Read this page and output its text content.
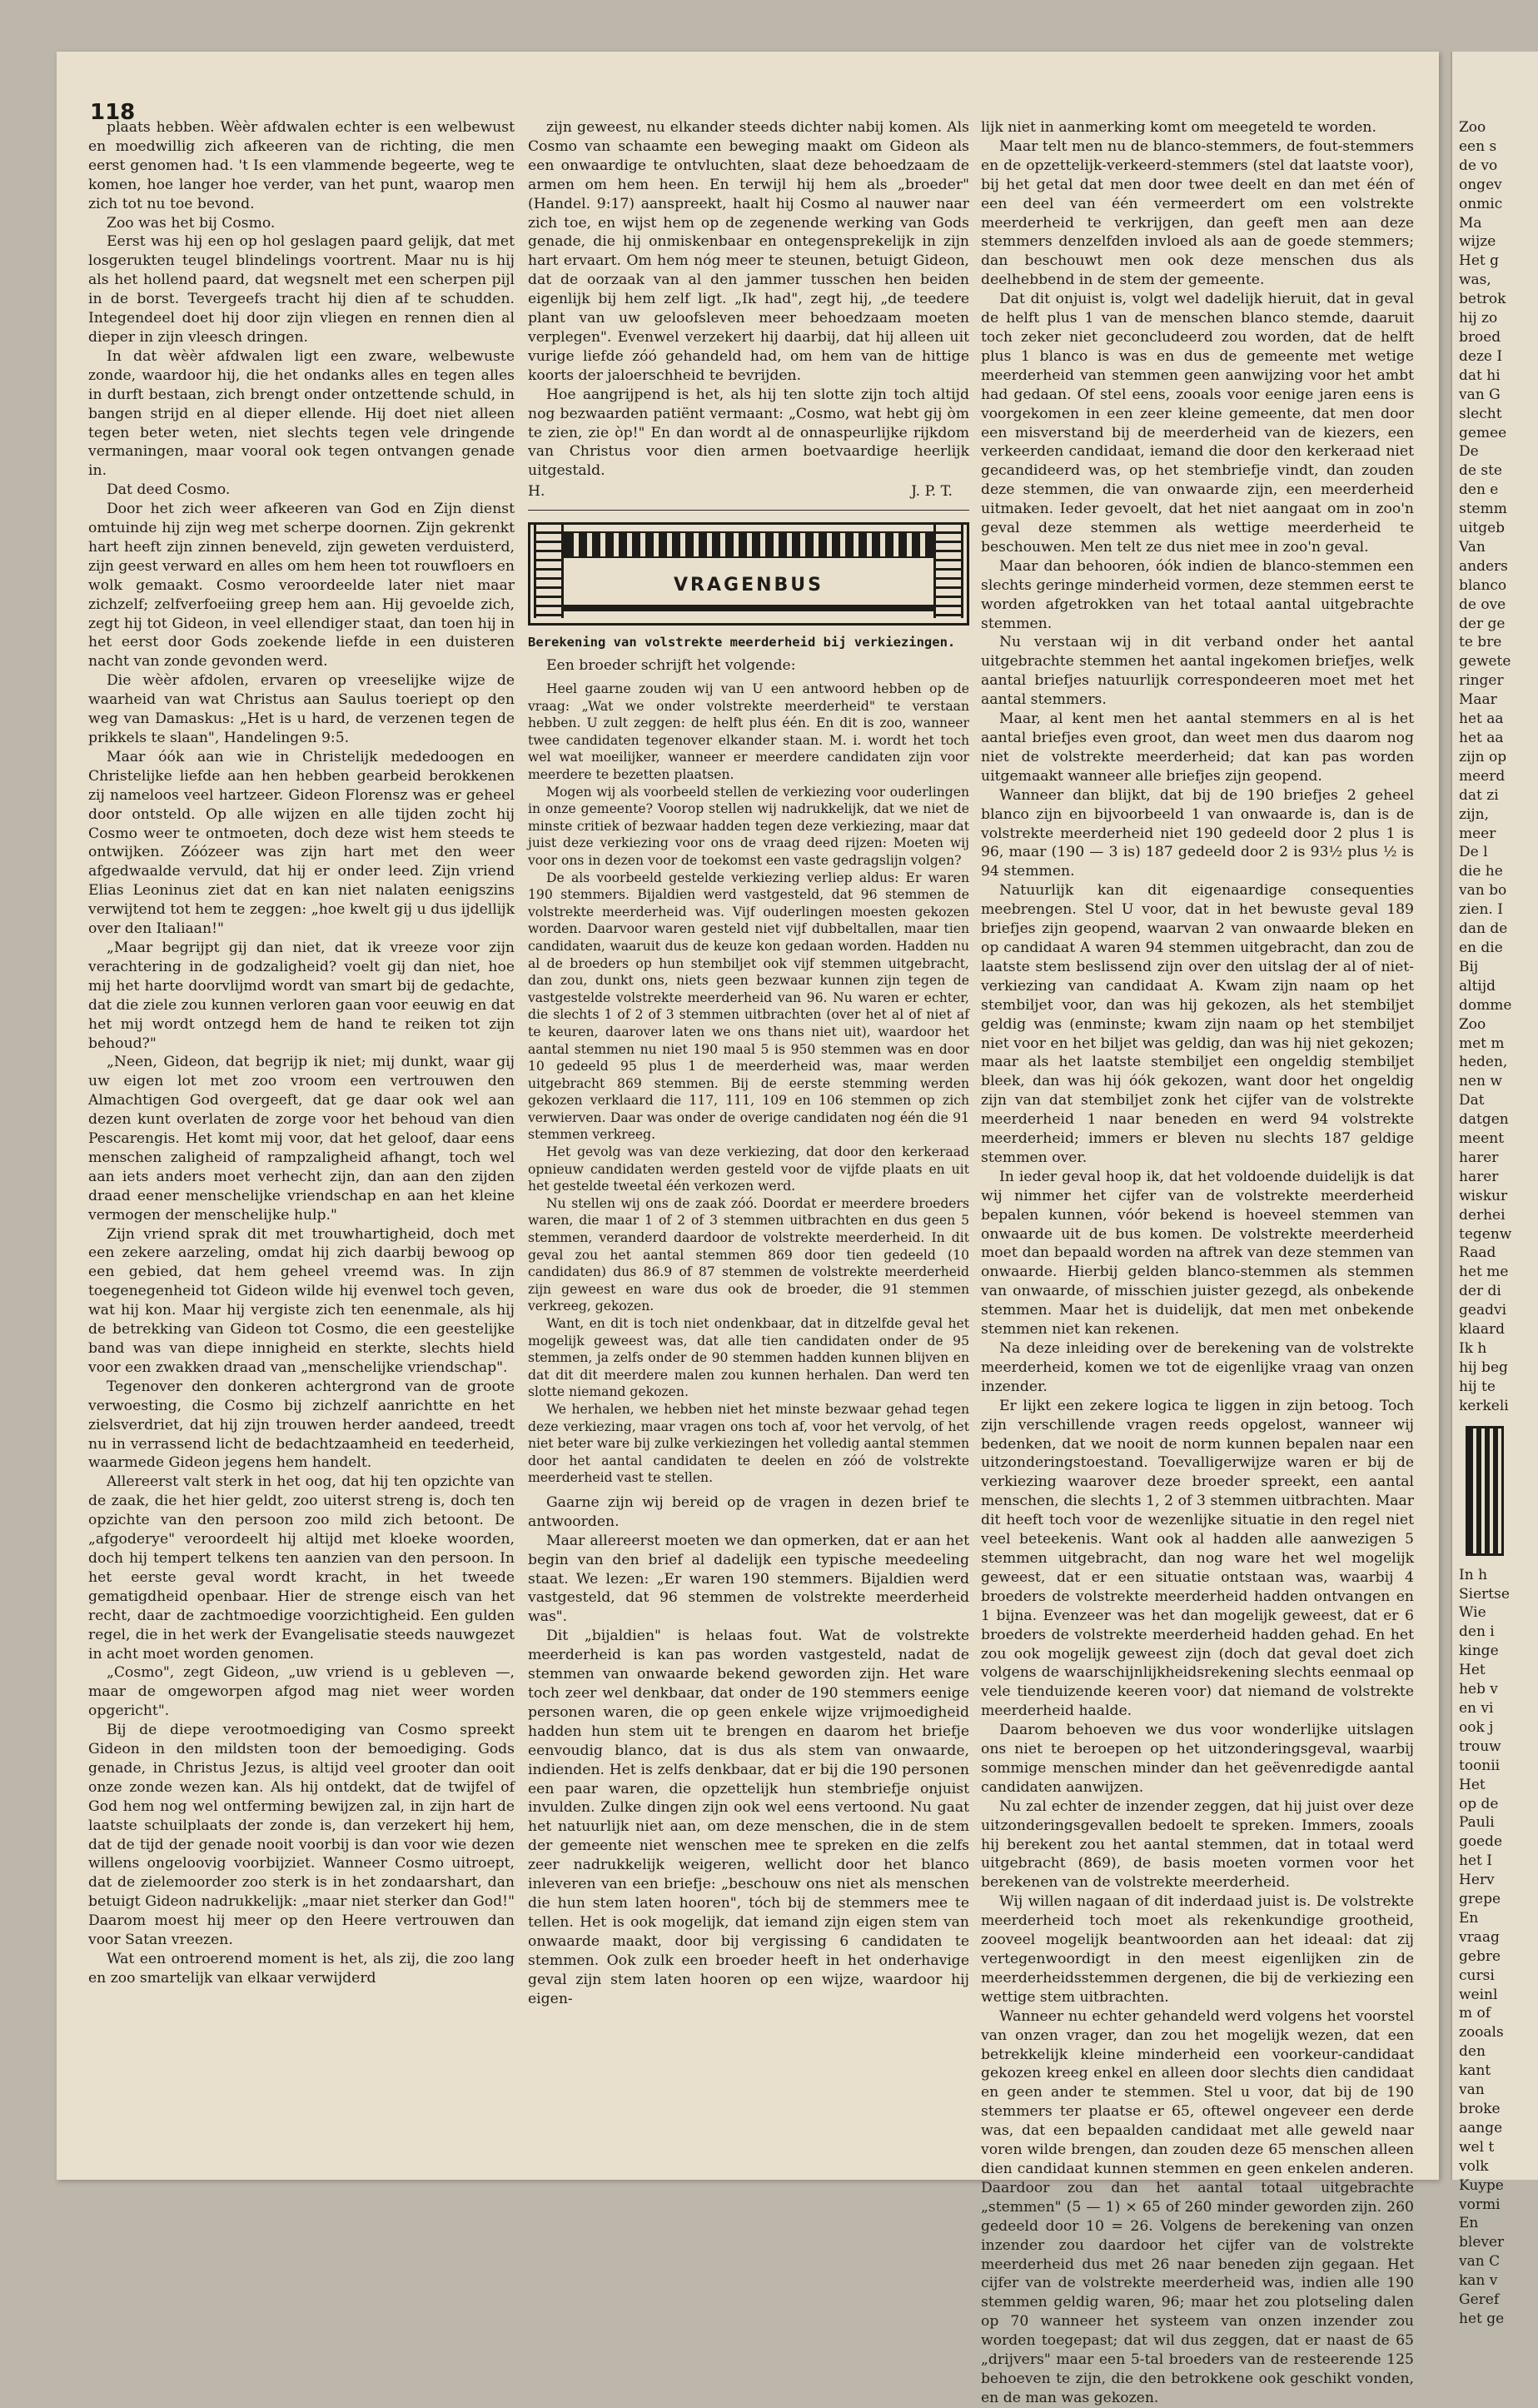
118

plaats hebben. Wèèr afdwalen echter is een welbewust en moedwillig zich afkeeren van de richting, die men eerst genomen had. 't Is een vlammende begeerte, weg te komen, hoe langer hoe verder, van het punt, waarop men zich tot nu toe bevond.

Zoo was het bij Cosmo.

Eerst was hij een op hol geslagen paard gelijk, dat met losgerukten teugel blindelings voortrent. Maar nu is hij als het hollend paard, dat wegsnelt met een scherpen pijl in de borst. Tevergeefs tracht hij dien af te schudden. Integendeel doet hij door zijn vliegen en rennen dien al dieper in zijn vleesch dringen.

In dat wèèr afdwalen ligt een zware, welbewuste zonde, waardoor hij, die het ondanks alles en tegen alles in durft bestaan, zich brengt onder ontzettende schuld, in bangen strijd en al dieper ellende. Hij doet niet alleen tegen beter weten, niet slechts tegen vele dringende vermaningen, maar vooral ook tegen ontvangen genade in.

Dat deed Cosmo.

Door het zich weer afkeeren van God en Zijn dienst omtuinde hij zijn weg met scherpe doornen. Zijn gekrenkt hart heeft zijn zinnen beneveld, zijn geweten verduisterd, zijn geest verward en alles om hem heen tot rouwfloers en wolk gemaakt. Cosmo veroordeelde later niet maar zichzelf; zelfverfoeiing greep hem aan. Hij gevoelde zich, zegt hij tot Gideon, in veel ellendiger staat, dan toen hij in het eerst door Gods zoekende liefde in een duisteren nacht van zonde gevonden werd.

Die wèèr afdolen, ervaren op vreeselijke wijze de waarheid van wat Christus aan Saulus toeriept op den weg van Damaskus: „Het is u hard, de verzenen tegen de prikkels te slaan", Handelingen 9:5.

Maar óók aan wie in Christelijk mededoogen en Christelijke liefde aan hen hebben gearbeid berokkenen zij nameloos veel hartzeer. Gideon Florensz was er geheel door ontsteld. Op alle wijzen en alle tijden zocht hij Cosmo weer te ontmoeten, doch deze wist hem steeds te ontwijken. Zóózeer was zijn hart met den weer afgedwaalde vervuld, dat hij er onder leed. Zijn vriend Elias Leoninus ziet dat en kan niet nalaten eenigszins verwijtend tot hem te zeggen: „hoe kwelt gij u dus ijdellijk over den Italiaan!"

„Maar begrijpt gij dan niet, dat ik vreeze voor zijn verachtering in de godzaligheid? voelt gij dan niet, hoe mij het harte doorvlijmd wordt van smart bij de gedachte, dat die ziele zou kunnen verloren gaan voor eeuwig en dat het mij wordt ontzegd hem de hand te reiken tot zijn behoud?"

„Neen, Gideon, dat begrijp ik niet; mij dunkt, waar gij uw eigen lot met zoo vroom een vertrouwen den Almachtigen God overgeeft, dat ge daar ook wel aan dezen kunt overlaten de zorge voor het behoud van dien Pescarengis. Het komt mij voor, dat het geloof, daar eens menschen zaligheid of rampzaligheid afhangt, toch wel aan iets anders moet verhecht zijn, dan aan den zijden draad eener menschelijke vriendschap en aan het kleine vermogen der menschelijke hulp."

Zijn vriend sprak dit met trouwhartigheid, doch met een zekere aarzeling, omdat hij zich daarbij bewoog op een gebied, dat hem geheel vreemd was. In zijn toegenegenheid tot Gideon wilde hij evenwel toch geven, wat hij kon. Maar hij vergiste zich ten eenenmale, als hij de betrekking van Gideon tot Cosmo, die een geestelijke band was van diepe innigheid en sterkte, slechts hield voor een zwakken draad van „menschelijke vriendschap".

Tegenover den donkeren achtergrond van de groote verwoesting, die Cosmo bij zichzelf aanrichtte en het zielsverdriet, dat hij zijn trouwen herder aandeed, treedt nu in verrassend licht de bedachtzaamheid en teederheid, waarmede Gideon jegens hem handelt.

Allereerst valt sterk in het oog, dat hij ten opzichte van de zaak, die het hier geldt, zoo uiterst streng is, doch ten opzichte van den persoon zoo mild zich betoont. De „afgoderye" veroordeelt hij altijd met kloeke woorden, doch hij tempert telkens ten aanzien van den persoon. In het eerste geval wordt kracht, in het tweede gematigdheid openbaar. Hier de strenge eisch van het recht, daar de zachtmoedige voorzichtigheid. Een gulden regel, die in het werk der Evangelisatie steeds nauwgezet in acht moet worden genomen.

„Cosmo", zegt Gideon, „uw vriend is u gebleven —, maar de omgeworpen afgod mag niet weer worden opgericht".

Bij de diepe verootmoediging van Cosmo spreekt Gideon in den mildsten toon der bemoediging. Gods genade, in Christus Jezus, is altijd veel grooter dan ooit onze zonde wezen kan. Als hij ontdekt, dat de twijfel of God hem nog wel ontferming bewijzen zal, in zijn hart de laatste schuilplaats der zonde is, dan verzekert hij hem, dat de tijd der genade nooit voorbij is dan voor wie dezen willens ongeloovig voorbijziet. Wanneer Cosmo uitroept, dat de zielemoorder zoo sterk is in het zondaarshart, dan betuigt Gideon nadrukkelijk: „maar niet sterker dan God!" Daarom moest hij meer op den Heere vertrouwen dan voor Satan vreezen.

Wat een ontroerend moment is het, als zij, die zoo lang en zoo smartelijk van elkaar verwijderd

zijn geweest, nu elkander steeds dichter nabij komen. Als Cosmo van schaamte een beweging maakt om Gideon als een onwaardige te ontvluchten, slaat deze behoedzaam de armen om hem heen. En terwijl hij hem als „broeder" (Handel. 9:17) aanspreekt, haalt hij Cosmo al nauwer naar zich toe, en wijst hem op de zegenende werking van Gods genade, die hij onmiskenbaar en ontegensprekelijk in zijn hart ervaart. Om hem nóg meer te steunen, betuigt Gideon, dat de oorzaak van al den jammer tusschen hen beiden eigenlijk bij hem zelf ligt. „Ik had", zegt hij, „de teedere plant van uw geloofsleven meer behoedzaam moeten verplegen". Evenwel verzekert hij daarbij, dat hij alleen uit vurige liefde zóó gehandeld had, om hem van de hittige koorts der jaloerschheid te bevrijden.

Hoe aangrijpend is het, als hij ten slotte zijn toch altijd nog bezwaarden patiënt vermaant: „Cosmo, wat hebt gij òm te zien, zie òp!" En dan wordt al de onnaspeurlijke rijkdom van Christus voor dien armen boetvaardige heerlijk uitgestald.

H.	J. P. T.
VRAGENBUS
Berekening van volstrekte meerderheid bij verkiezingen.

Een broeder schrijft het volgende:

Heel gaarne zouden wij van U een antwoord hebben op de vraag: „Wat we onder volstrekte meerderheid" te verstaan hebben. U zult zeggen: de helft plus één. En dit is zoo, wanneer twee candidaten tegenover elkander staan. M. i. wordt het toch wel wat moeilijker, wanneer er meerdere candidaten zijn voor meerdere te bezetten plaatsen.

Mogen wij als voorbeeld stellen de verkiezing voor ouderlingen in onze gemeente? Voorop stellen wij nadrukkelijk, dat we niet de minste critiek of bezwaar hadden tegen deze verkiezing, maar dat juist deze verkiezing voor ons de vraag deed rijzen: Moeten wij voor ons in dezen voor de toekomst een vaste gedragslijn volgen?

De als voorbeeld gestelde verkiezing verliep aldus: Er waren 190 stemmers. Bijaldien werd vastgesteld, dat 96 stemmen de volstrekte meerderheid was. Vijf ouderlingen moesten gekozen worden. Daarvoor waren gesteld niet vijf dubbeltallen, maar tien candidaten, waaruit dus de keuze kon gedaan worden. Hadden nu al de broeders op hun stembiljet ook vijf stemmen uitgebracht, dan zou, dunkt ons, niets geen bezwaar kunnen zijn tegen de vastgestelde volstrekte meerderheid van 96. Nu waren er echter, die slechts 1 of 2 of 3 stemmen uitbrachten (over het al of niet af te keuren, daarover laten we ons thans niet uit), waardoor het aantal stemmen nu niet 190 maal 5 is 950 stemmen was en door 10 gedeeld 95 plus 1 de meerderheid was, maar werden uitgebracht 869 stemmen. Bij de eerste stemming werden gekozen verklaard die 117, 111, 109 en 106 stemmen op zich verwierven. Daar was onder de overige candidaten nog één die 91 stemmen verkreeg.

Het gevolg was van deze verkiezing, dat door den kerkeraad opnieuw candidaten werden gesteld voor de vijfde plaats en uit het gestelde tweetal één verkozen werd.

Nu stellen wij ons de zaak zóó. Doordat er meerdere broeders waren, die maar 1 of 2 of 3 stemmen uitbrachten en dus geen 5 stemmen, veranderd daardoor de volstrekte meerderheid. In dit geval zou het aantal stemmen 869 door tien gedeeld (10 candidaten) dus 86.9 of 87 stemmen de volstrekte meerderheid zijn geweest en ware dus ook de broeder, die 91 stemmen verkreeg, gekozen.

Want, en dit is toch niet ondenkbaar, dat in ditzelfde geval het mogelijk geweest was, dat alle tien candidaten onder de 95 stemmen, ja zelfs onder de 90 stemmen hadden kunnen blijven en dat dit dit meerdere malen zou kunnen herhalen. Dan werd ten slotte niemand gekozen.

We herhalen, we hebben niet het minste bezwaar gehad tegen deze verkiezing, maar vragen ons toch af, voor het vervolg, of het niet beter ware bij zulke verkiezingen het volledig aantal stemmen door het aantal candidaten te deelen en zóó de volstrekte meerderheid vast te stellen.

Gaarne zijn wij bereid op de vragen in dezen brief te antwoorden.

Maar allereerst moeten we dan opmerken, dat er aan het begin van den brief al dadelijk een typische meedeeling staat. We lezen: „Er waren 190 stemmers. Bijaldien werd vastgesteld, dat 96 stemmen de volstrekte meerderheid was".

Dit „bijaldien" is helaas fout. Wat de volstrekte meerderheid is kan pas worden vastgesteld, nadat de stemmen van onwaarde bekend geworden zijn. Het ware toch zeer wel denkbaar, dat onder de 190 stemmers eenige personen waren, die op geen enkele wijze vrijmoedigheid hadden hun stem uit te brengen en daarom het briefje eenvoudig blanco, dat is dus als stem van onwaarde, indienden. Het is zelfs denkbaar, dat er bij die 190 personen een paar waren, die opzettelijk hun stembriefje onjuist invulden. Zulke dingen zijn ook wel eens vertoond. Nu gaat het natuurlijk niet aan, om deze menschen, die in de stem der gemeente niet wenschen mee te spreken en die zelfs zeer nadrukkelijk weigeren, wellicht door het blanco inleveren van een briefje: „beschouw ons niet als menschen die hun stem laten hooren", tóch bij de stemmers mee te tellen. Het is ook mogelijk, dat iemand zijn eigen stem van onwaarde maakt, door bij vergissing 6 candidaten te stemmen. Ook zulk een broeder heeft in het onderhavige geval zijn stem laten hooren op een wijze, waardoor hij eigen-

lijk niet in aanmerking komt om meegeteld te worden.

Maar telt men nu de blanco-stemmers, de fout-stemmers en de opzettelijk-verkeerd-stemmers (stel dat laatste voor), bij het getal dat men door twee deelt en dan met één of een deel van één vermeerdert om een volstrekte meerderheid te verkrijgen, dan geeft men aan deze stemmers denzelfden invloed als aan de goede stemmers; dan beschouwt men ook deze menschen dus als deelhebbend in de stem der gemeente.

Dat dit onjuist is, volgt wel dadelijk hieruit, dat in geval de helft plus 1 van de menschen blanco stemde, daaruit toch zeker niet geconcludeerd zou worden, dat de helft plus 1 blanco is was en dus de gemeente met wetige meerderheid van stemmen geen aanwijzing voor het ambt had gedaan. Of stel eens, zooals voor eenige jaren eens is voorgekomen in een zeer kleine gemeente, dat men door een misverstand bij de meerderheid van de kiezers, een verkeerden candidaat, iemand die door den kerkeraad niet gecandideerd was, op het stembriefje vindt, dan zouden deze stemmen, die van onwaarde zijn, een meerderheid uitmaken. Ieder gevoelt, dat het niet aangaat om in zoo'n geval deze stemmen als wettige meerderheid te beschouwen. Men telt ze dus niet mee in zoo'n geval.

Maar dan behooren, óók indien de blanco-stemmen een slechts geringe minderheid vormen, deze stemmen eerst te worden afgetrokken van het totaal aantal uitgebrachte stemmen.

Nu verstaan wij in dit verband onder het aantal uitgebrachte stemmen het aantal ingekomen briefjes, welk aantal briefjes natuurlijk correspondeeren moet met het aantal stemmers.

Maar, al kent men het aantal stemmers en al is het aantal briefjes even groot, dan weet men dus daarom nog niet de volstrekte meerderheid; dat kan pas worden uitgemaakt wanneer alle briefjes zijn geopend.

Wanneer dan blijkt, dat bij de 190 briefjes 2 geheel blanco zijn en bijvoorbeeld 1 van onwaarde is, dan is de volstrekte meerderheid niet 190 gedeeld door 2 plus 1 is 96, maar (190 — 3 is) 187 gedeeld door 2 is 93½ plus ½ is 94 stemmen.

Natuurlijk kan dit eigenaardige consequenties meebrengen. Stel U voor, dat in het bewuste geval 189 briefjes zijn geopend, waarvan 2 van onwaarde bleken en op candidaat A waren 94 stemmen uitgebracht, dan zou de laatste stem beslissend zijn over den uitslag der al of niet-verkiezing van candidaat A. Kwam zijn naam op het stembiljet voor, dan was hij gekozen, als het stembiljet geldig was (enminste; kwam zijn naam op het stembiljet niet voor en het biljet was geldig, dan was hij niet gekozen; maar als het laatste stembiljet een ongeldig stembiljet bleek, dan was hij óók gekozen, want door het ongeldig zijn van dat stembiljet zonk het cijfer van de volstrekte meerderheid 1 naar beneden en werd 94 volstrekte meerderheid; immers er bleven nu slechts 187 geldige stemmen over.

In ieder geval hoop ik, dat het voldoende duidelijk is dat wij nimmer het cijfer van de volstrekte meerderheid bepalen kunnen, vóór bekend is hoeveel stemmen van onwaarde uit de bus komen. De volstrekte meerderheid moet dan bepaald worden na aftrek van deze stemmen van onwaarde. Hierbij gelden blanco-stemmen als stemmen van onwaarde, of misschien juister gezegd, als onbekende stemmen. Maar het is duidelijk, dat men met onbekende stemmen niet kan rekenen.

Na deze inleiding over de berekening van de volstrekte meerderheid, komen we tot de eigenlijke vraag van onzen inzender.

Er lijkt een zekere logica te liggen in zijn betoog. Toch zijn verschillende vragen reeds opgelost, wanneer wij bedenken, dat we nooit de norm kunnen bepalen naar een uitzonderingstoestand. Toevalligerwijze waren er bij de verkiezing waarover deze broeder spreekt, een aantal menschen, die slechts 1, 2 of 3 stemmen uitbrachten. Maar dit heeft toch voor de wezenlijke situatie in den regel niet veel beteekenis. Want ook al hadden alle aanwezigen 5 stemmen uitgebracht, dan nog ware het wel mogelijk geweest, dat er een situatie ontstaan was, waarbij 4 broeders de volstrekte meerderheid hadden ontvangen en 1 bijna. Evenzeer was het dan mogelijk geweest, dat er 6 broeders de volstrekte meerderheid hadden gehad. En het zou ook mogelijk geweest zijn (doch dat geval doet zich volgens de waarschijnlijkheidsrekening slechts eenmaal op vele tienduizende keeren voor) dat niemand de volstrekte meerderheid haalde.

Daarom behoeven we dus voor wonderlijke uitslagen ons niet te beroepen op het uitzonderingsgeval, waarbij sommige menschen minder dan het geëvenredigde aantal candidaten aanwijzen.

Nu zal echter de inzender zeggen, dat hij juist over deze uitzonderingsgevallen bedoelt te spreken. Immers, zooals hij berekent zou het aantal stemmen, dat in totaal werd uitgebracht (869), de basis moeten vormen voor het berekenen van de volstrekte meerderheid.

Wij willen nagaan of dit inderdaad juist is. De volstrekte meerderheid toch moet als rekenkundige grootheid, zooveel mogelijk beantwoorden aan het ideaal: dat zij vertegenwoordigt in den meest eigenlijken zin de meerderheidsstemmen dergenen, die bij de verkiezing een wettige stem uitbrachten.

Wanneer nu echter gehandeld werd volgens het voorstel van onzen vrager, dan zou het mogelijk wezen, dat een betrekkelijk kleine minderheid een voorkeur-candidaat gekozen kreeg enkel en alleen door slechts dien candidaat en geen ander te stemmen. Stel u voor, dat bij de 190 stemmers ter plaatse er 65, oftewel ongeveer een derde was, dat een bepaalden candidaat met alle geweld naar voren wilde brengen, dan zouden deze 65 menschen alleen dien candidaat kunnen stemmen en geen enkelen anderen. Daardoor zou dan het aantal totaal uitgebrachte „stemmen" (5 — 1) × 65 of 260 minder geworden zijn. 260 gedeeld door 10 = 26. Volgens de berekening van onzen inzender zou daardoor het cijfer van de volstrekte meerderheid dus met 26 naar beneden zijn gegaan. Het cijfer van de volstrekte meerderheid was, indien alle 190 stemmen geldig waren, 96; maar het zou plotseling dalen op 70 wanneer het systeem van onzen inzender zou worden toegepast; dat wil dus zeggen, dat er naast de 65 „drijvers" maar een 5-tal broeders van de resteerende 125 behoeven te zijn, die den betrokkene ook geschikt vonden, en de man was gekozen.

Zoo
een s
de vo
ongev
onmic
Ma
wijze
Het g
was,
betrok
hij zo
broed
deze I
dat hi
van G
slecht
gemee
De
de ste
den e
stemm
uitgeb
Van
anders
blanco
de ove
der ge
te bre
gewete
ringer
Maar
het aa
het aa
zijn op
meerd
dat zi
zijn,
meer
De l
die he
van bo
zien. I
dan de
en die
Bij
altijd
domme
Zoo
met m
heden,
nen w
Dat
datgen
meent
harer
harer
wiskur
derhei
tegenw
Raad
het me
der di
geadvi
klaard
Ik h
hij beg
hij te
kerkeli
In h
Siertse
Wie
den i
kinge
Het
heb v
en vi
ook j
trouw
toonii
Het
op de
Pauli
goede
het I
Herv
grepe
En
vraag
gebre
cursi
weinl
m of
zooals
den
kant
van
broke
aange
wel t
volk
Kuype
vormi
En
blever
van C
kan v
Geref
het ge
